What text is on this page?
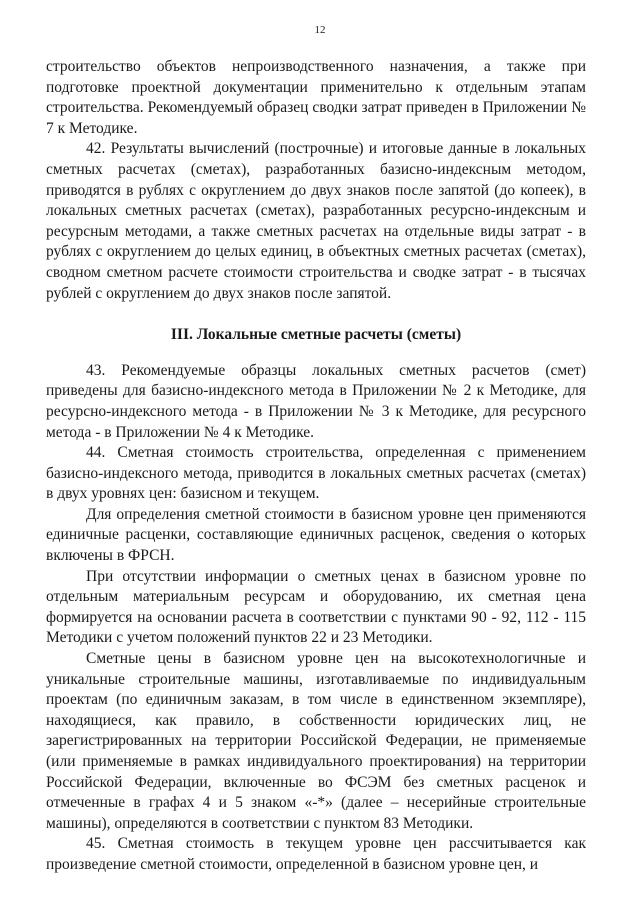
12

строительство объектов непроизводственного назначения, а также при подготовке проектной документации применительно к отдельным этапам строительства. Рекомендуемый образец сводки затрат приведен в Приложении № 7 к Методике.

42. Результаты вычислений (построчные) и итоговые данные в локальных сметных расчетах (сметах), разработанных базисно-индексным методом, приводятся в рублях с округлением до двух знаков после запятой (до копеек), в локальных сметных расчетах (сметах), разработанных ресурсно-индексным и ресурсным методами, а также сметных расчетах на отдельные виды затрат - в рублях с округлением до целых единиц, в объектных сметных расчетах (сметах), сводном сметном расчете стоимости строительства и сводке затрат - в тысячах рублей с округлением до двух знаков после запятой.

III. Локальные сметные расчеты (сметы)

43. Рекомендуемые образцы локальных сметных расчетов (смет) приведены для базисно-индексного метода в Приложении № 2 к Методике, для ресурсно-индексного метода - в Приложении № 3 к Методике, для ресурсного метода - в Приложении № 4 к Методике.

44. Сметная стоимость строительства, определенная с применением базисно-индексного метода, приводится в локальных сметных расчетах (сметах) в двух уровнях цен: базисном и текущем.

Для определения сметной стоимости в базисном уровне цен применяются единичные расценки, составляющие единичных расценок, сведения о которых включены в ФРСН.

При отсутствии информации о сметных ценах в базисном уровне по отдельным материальным ресурсам и оборудованию, их сметная цена формируется на основании расчета в соответствии с пунктами 90 - 92, 112 - 115 Методики с учетом положений пунктов 22 и 23 Методики.

Сметные цены в базисном уровне цен на высокотехнологичные и уникальные строительные машины, изготавливаемые по индивидуальным проектам (по единичным заказам, в том числе в единственном экземпляре), находящиеся, как правило, в собственности юридических лиц, не зарегистрированных на территории Российской Федерации, не применяемые (или применяемые в рамках индивидуального проектирования) на территории Российской Федерации, включенные во ФСЭМ без сметных расценок и отмеченные в графах 4 и 5 знаком «-*» (далее – несерийные строительные машины), определяются в соответствии с пунктом 83 Методики.

45. Сметная стоимость в текущем уровне цен рассчитывается как произведение сметной стоимости, определенной в базисном уровне цен, и
